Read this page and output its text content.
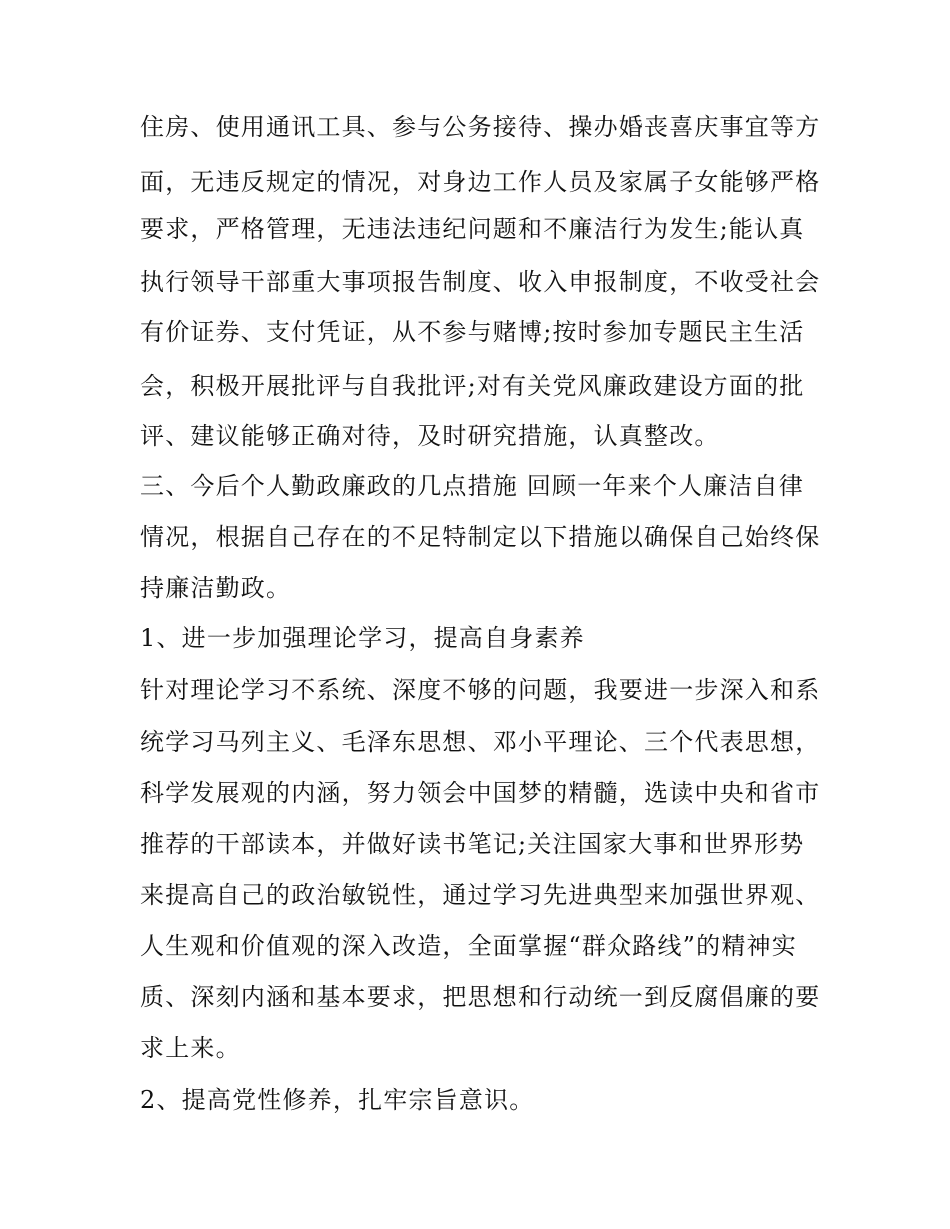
住房、使用通讯工具、参与公务接待、操办婚丧喜庆事宜等方
面，无违反规定的情况，对身边工作人员及家属子女能够严格
要求，严格管理，无违法违纪问题和不廉洁行为发生;能认真
执行领导干部重大事项报告制度、收入申报制度，不收受社会
有价证券、支付凭证，从不参与赌博;按时参加专题民主生活
会，积极开展批评与自我批评;对有关党风廉政建设方面的批
评、建议能够正确对待，及时研究措施，认真整改。
三、今后个人勤政廉政的几点措施 回顾一年来个人廉洁自律
情况，根据自己存在的不足特制定以下措施以确保自己始终保
持廉洁勤政。
1、进一步加强理论学习，提高自身素养
针对理论学习不系统、深度不够的问题，我要进一步深入和系
统学习马列主义、毛泽东思想、邓小平理论、三个代表思想，
科学发展观的内涵，努力领会中国梦的精髓，选读中央和省市
推荐的干部读本，并做好读书笔记;关注国家大事和世界形势
来提高自己的政治敏锐性，通过学习先进典型来加强世界观、
人生观和价值观的深入改造，全面掌握“群众路线”的精神实
质、深刻内涵和基本要求，把思想和行动统一到反腐倡廉的要
求上来。
2、提高党性修养，扎牢宗旨意识。
